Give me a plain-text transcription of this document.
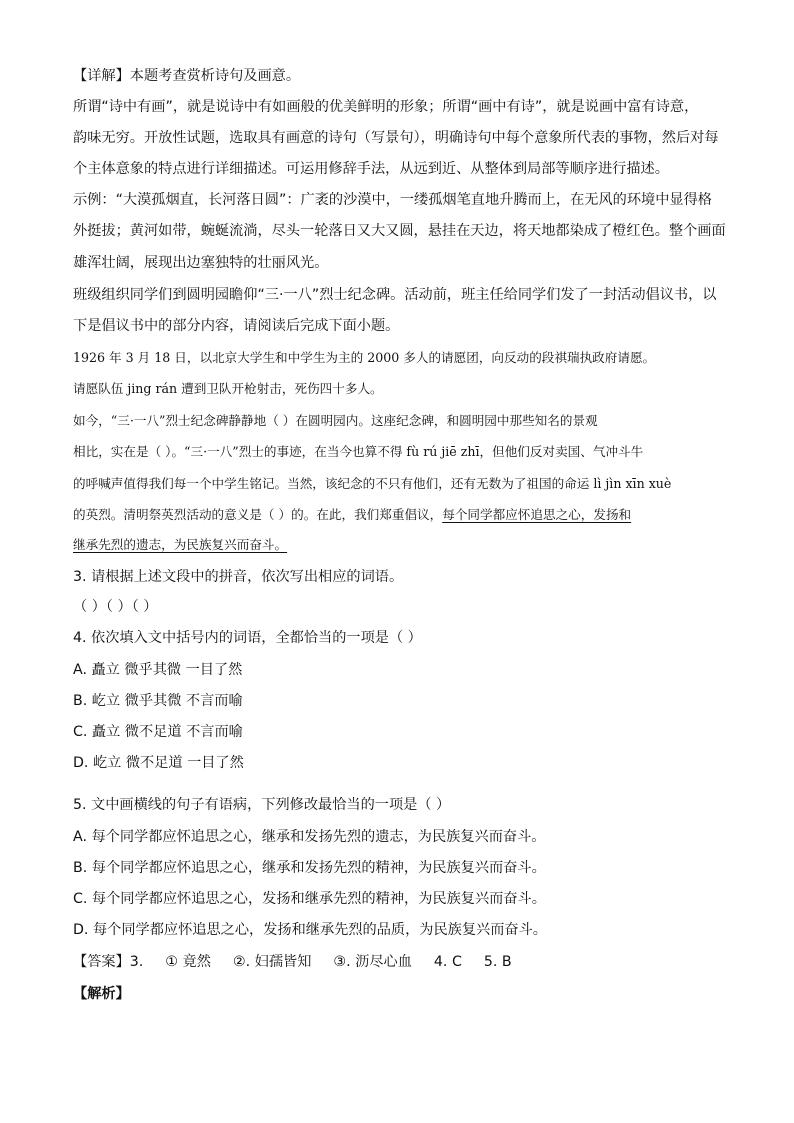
【详解】本题考查赏析诗句及画意。
所谓“诗中有画”，就是说诗中有如画般的优美鲜明的形象；所谓“画中有诗”，就是说画中富有诗意，
韵味无穷。开放性试题，选取具有画意的诗句（写景句），明确诗句中每个意象所代表的事物，然后对每
个主体意象的特点进行详细描述。可运用修辞手法，从远到近、从整体到局部等顺序进行描述。
示例：“大漠孤烟直，长河落日圆”：广袤的沙漠中，一缕孤烟笔直地升腾而上，在无风的环境中显得格
外挺拔；黄河如带，蜿蜒流淌，尽头一轮落日又大又圆，悬挂在天边，将天地都染成了橙红色。整个画面
雄浑壮阔，展现出边塞独特的壮丽风光。
班级组织同学们到圆明园瞻仰“三·一八”烈士纪念碑。活动前，班主任给同学们发了一封活动倡议书，以
下是倡议书中的部分内容，请阅读后完成下面小题。
1926 年 3 月 18 日，以北京大学生和中学生为主的 2000 多人的请愿团，向反动的段祺瑞执政府请愿。
请愿队伍 jing rán 遭到卫队开枪射击，死伤四十多人。
如今，“三·一八”烈士纪念碑静静地（ ）在圆明园内。这座纪念碑，和圆明园中那些知名的景观
相比，实在是（ ）。“三·一八”烈士的事迹，在当今也算不得 fù rú jiē zhī，但他们反对卖国、气冲斗牛
的呼喊声值得我们每一个中学生铭记。当然，该纪念的不只有他们，还有无数为了祖国的命运 lì jìn xīn xuè
的英烈。清明祭英烈活动的意义是（ ）的。在此，我们郑重倡议，每个同学都应怀追思之心，发扬和
继承先烈的遗志，为民族复兴而奋斗。
3. 请根据上述文段中的拼音，依次写出相应的词语。
（ ）（ ）（ ）
4. 依次填入文中括号内的词语，全都恰当的一项是（ ）
A. 矗立 微乎其微 一目了然
B. 屹立 微乎其微 不言而喻
C. 矗立 微不足道 不言而喻
D. 屹立 微不足道 一目了然
5. 文中画横线的句子有语病，下列修改最恰当的一项是（ ）
A. 每个同学都应怀追思之心，继承和发扬先烈的遗志，为民族复兴而奋斗。
B. 每个同学都应怀追思之心，继承和发扬先烈的精神，为民族复兴而奋斗。
C. 每个同学都应怀追思之心，发扬和继承先烈的精神，为民族复兴而奋斗。
D. 每个同学都应怀追思之心，发扬和继承先烈的品质，为民族复兴而奋斗。
【答案】3. ① 竟然 ②. 妇孺皆知 ③. 沥尽心血 4. C 5. B
【解析】
